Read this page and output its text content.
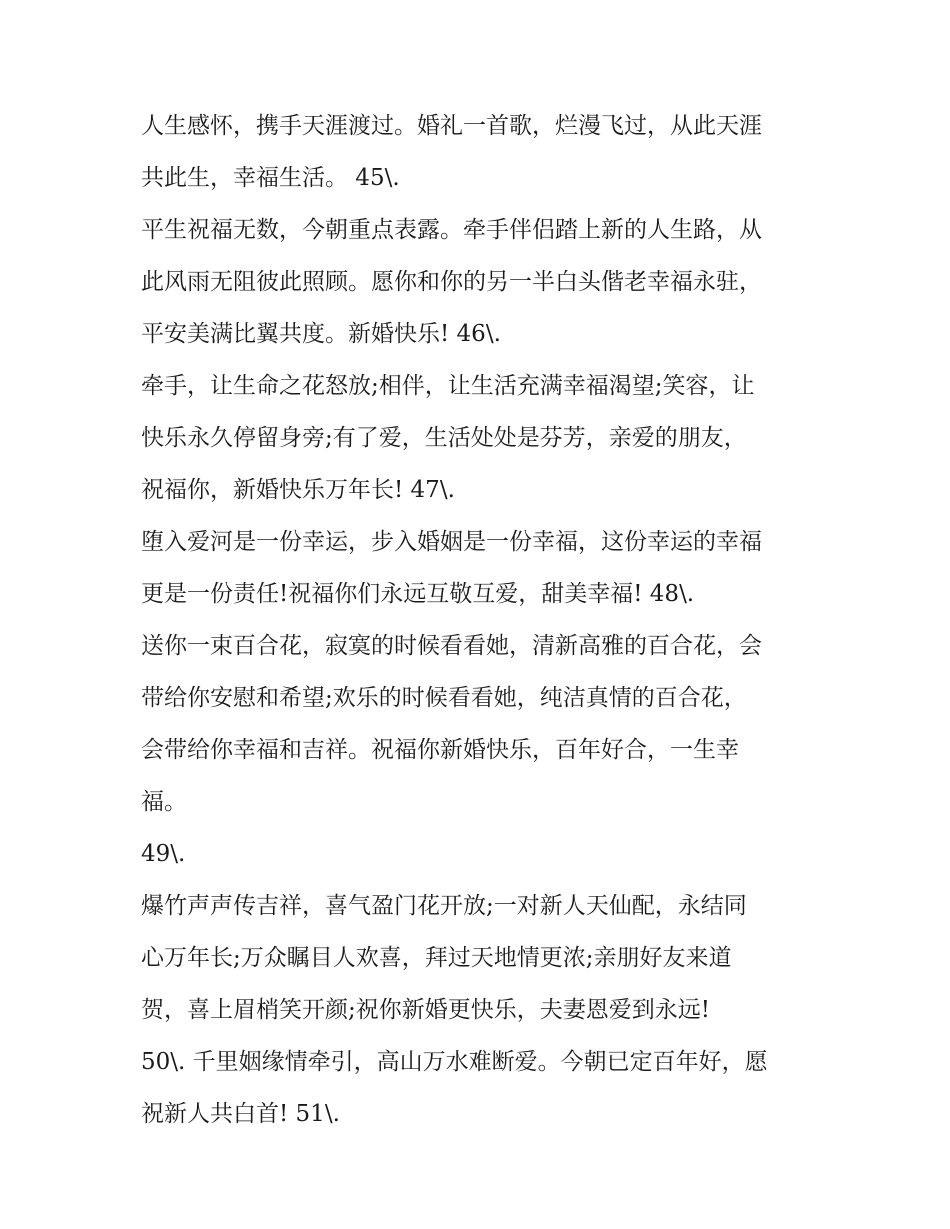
人生感怀，携手天涯渡过。婚礼一首歌，烂漫飞过，从此天涯
共此生，幸福生活。 45\.
平生祝福无数，今朝重点表露。牵手伴侣踏上新的人生路，从
此风雨无阻彼此照顾。愿你和你的另一半白头偕老幸福永驻，
平安美满比翼共度。新婚快乐! 46\.
牵手，让生命之花怒放;相伴，让生活充满幸福渴望;笑容，让
快乐永久停留身旁;有了爱，生活处处是芬芳，亲爱的朋友，
祝福你，新婚快乐万年长! 47\.
堕入爱河是一份幸运，步入婚姻是一份幸福，这份幸运的幸福
更是一份责任!祝福你们永远互敬互爱，甜美幸福! 48\.
送你一束百合花，寂寞的时候看看她，清新高雅的百合花，会
带给你安慰和希望;欢乐的时候看看她，纯洁真情的百合花，
会带给你幸福和吉祥。祝福你新婚快乐，百年好合，一生幸
福。
49\.
爆竹声声传吉祥，喜气盈门花开放;一对新人天仙配，永结同
心万年长;万众瞩目人欢喜，拜过天地情更浓;亲朋好友来道
贺，喜上眉梢笑开颜;祝你新婚更快乐，夫妻恩爱到永远!
50\. 千里姻缘情牵引，高山万水难断爱。今朝已定百年好，愿
祝新人共白首! 51\.
